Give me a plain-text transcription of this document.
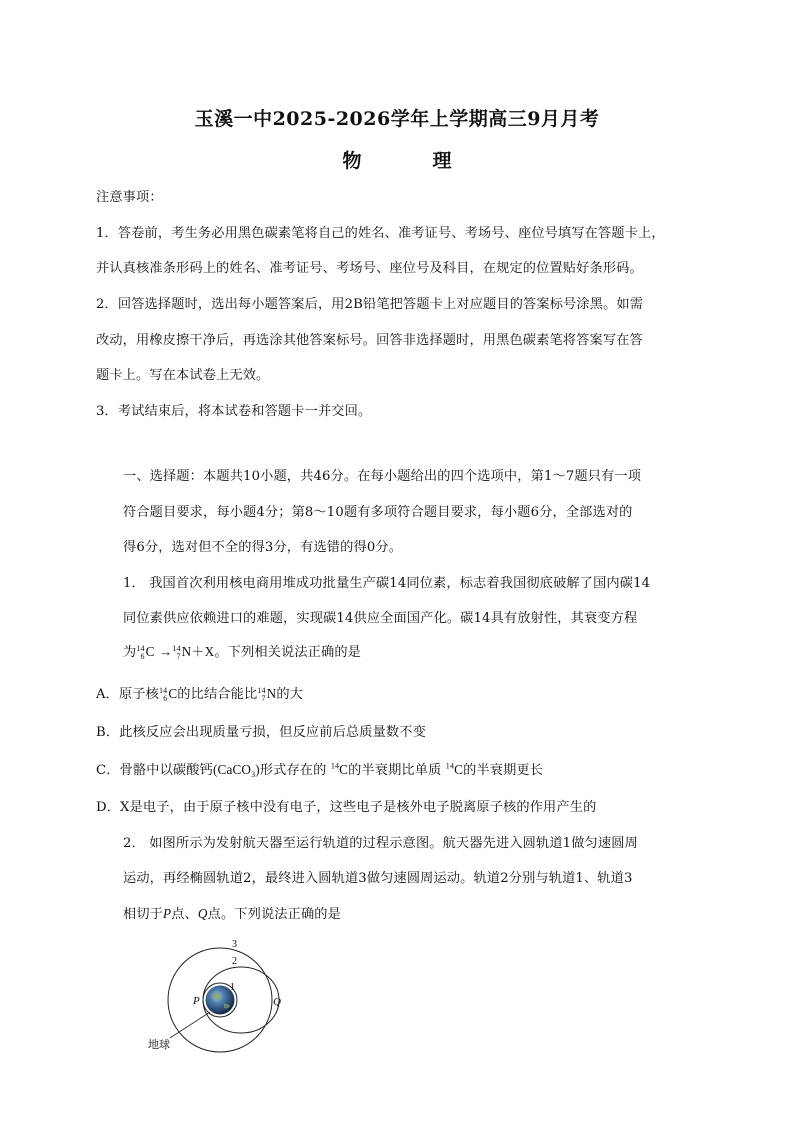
玉溪一中2025-2026学年上学期高三9月月考
物　理
注意事项：
1．答卷前，考生务必用黑色碳素笔将自己的姓名、准考证号、考场号、座位号填写在答题卡上，
并认真核准条形码上的姓名、准考证号、考场号、座位号及科目，在规定的位置贴好条形码。
2．回答选择题时，选出每小题答案后，用2B铅笔把答题卡上对应题目的答案标号涂黑。如需
改动，用橡皮擦干净后，再选涂其他答案标号。回答非选择题时，用黑色碳素笔将答案写在答
题卡上。写在本试卷上无效。
3．考试结束后，将本试卷和答题卡一并交回。
一、选择题：本题共10小题，共46分。在每小题给出的四个选项中，第1～7题只有一项
符合题目要求，每小题4分；第8～10题有多项符合题目要求，每小题6分，全部选对的
得6分，选对但不全的得3分，有选错的得0分。
1． 我国首次利用核电商用堆成功批量生产碳14同位素，标志着我国彻底破解了国内碳14
同位素供应依赖进口的难题，实现碳14供应全面国产化。碳14具有放射性，其衰变方程
为 14
6 C → 14
7 N＋X。下列相关说法正确的是
A．原子核 14
6 C的比结合能比 14
7 N的大
B．此核反应会出现质量亏损，但反应前后总质量数不变
C．骨骼中以碳酸钙(CaCO$_3$)形式存在的 $^{14}$C的半衰期比单质 $^{14}$C的半衰期更长
D．X是电子，由于原子核中没有电子，这些电子是核外电子脱离原子核的作用产生的
2． 如图所示为发射航天器至运行轨道的过程示意图。航天器先进入圆轨道1做匀速圆周
运动，再经椭圆轨道2，最终进入圆轨道3做匀速圆周运动。轨道2分别与轨道1、轨道3
相切于P点、Q点。下列说法正确的是
3
2
1
P	Q
地球
